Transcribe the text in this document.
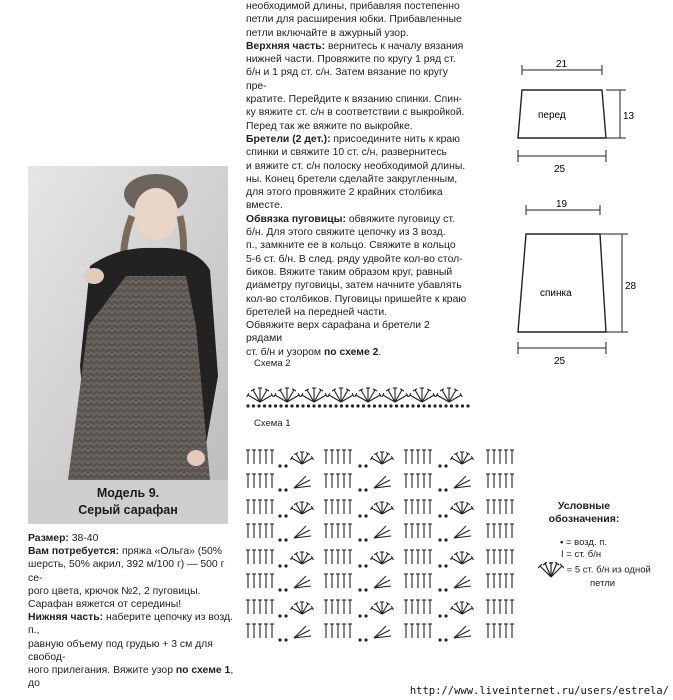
необходимой длины, прибавляя постепенно

петли для расширения юбки. Прибавленные

петли включайте в ажурный узор.

Верхняя часть: вернитесь к началу вязания

нижней части. Провяжите по кругу 1 ряд ст.

б/н и 1 ряд ст. с/н. Затем вязание по кругу пре-

кратите. Перейдите к вязанию спинки. Спин-

ку вяжите ст. с/н в соответствии с выкройкой.

Перед так же вяжите по выкройке.

Бретели (2 дет.): присоедините нить к краю

спинки и свяжите 10 ст. с/н, развернитесь

и вяжите ст. с/н полоску необходимой длины.

ны. Конец бретели сделайте закругленным,

для этого провяжите 2 крайних столбика

вместе.

Обвязка пуговицы: обвяжите пуговицу ст.

б/н. Для этого свяжите цепочку из 3 возд.

п., замкните ее в кольцо. Свяжите в кольцо

5-6 ст. б/н. В след. ряду удвойте кол-во стол-

биков. Вяжите таким образом круг, равный

диаметру пуговицы, затем начните убавлять

кол-во столбиков. Пуговицы пришейте к краю

бретелей на передней части.

Обвяжите верх сарафана и бретели 2 рядами

ст. б/н и узором по схеме 2.

Модель 9.
Серый сарафан

Размер: 38-40

Вам потребуется: пряжа «Ольга» (50%

шерсть, 50% акрил, 392 м/100 г) — 500 г се-

рого цвета, крючок №2, 2 пуговицы.

Сарафан вяжется от середины!

Нижняя часть: наберите цепочку из возд. п.,

равную объему под грудью + 3 см для свобод-

ного прилегания. Вяжите узор по схеме 1, до

21
13
перед
25
19
28
спинка
25
Схема 2
Схема 1
Условные
обозначения:
• = возд. п.
I = ст. б/н
= 5 ст. б/н из одной
петли
http://www.liveinternet.ru/users/estrela/
